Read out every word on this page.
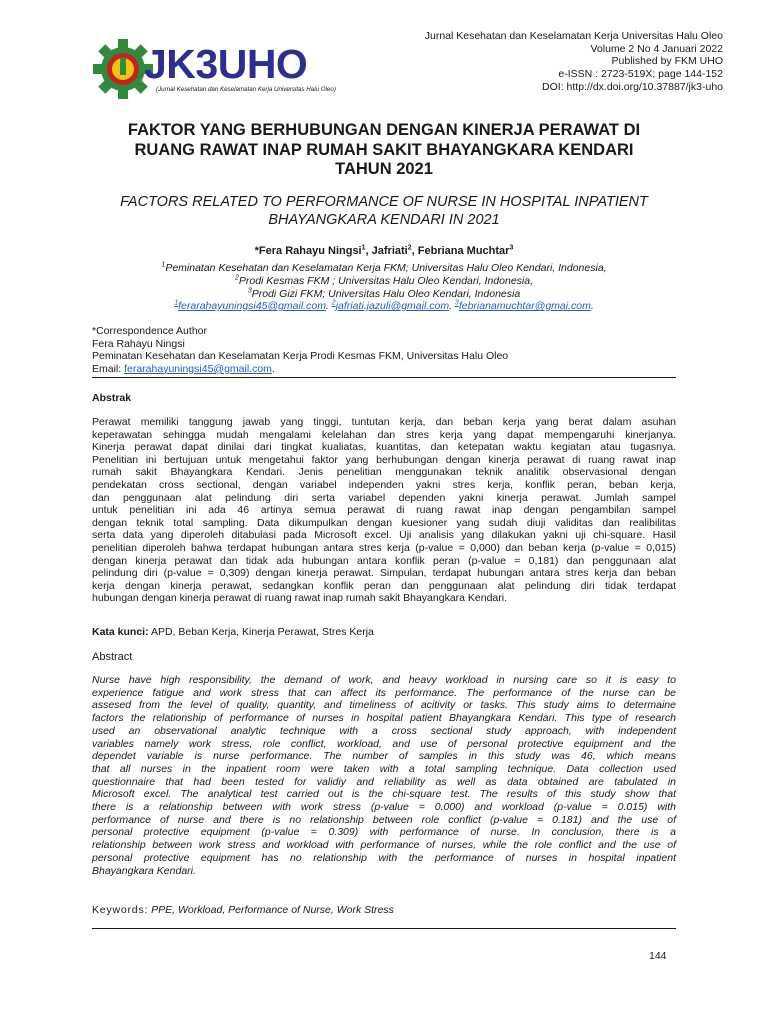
JK3UHO
(Jurnal Kesehatan dan Keselamatan Kerja Universitas Halu Oleo)
Jurnal Kesehatan dan Keselamatan Kerja Universitas Halu Oleo
Volume 2 No 4 Januari 2022
Published by FKM UHO
e-ISSN : 2723-519X; page 144-152
DOI: http://dx.doi.org/10.37887/jk3-uho
FAKTOR YANG BERHUBUNGAN DENGAN KINERJA PERAWAT DI
RUANG RAWAT INAP RUMAH SAKIT BHAYANGKARA KENDARI
TAHUN 2021
FACTORS RELATED TO PERFORMANCE OF NURSE IN HOSPITAL INPATIENT
BHAYANGKARA KENDARI IN 2021
*Fera Rahayu Ningsi$^1$, Jafriati$^2$, Febriana Muchtar$^3$
$^1$Peminatan Kesehatan dan Keselamatan Kerja FKM; Universitas Halu Oleo Kendari, Indonesia,
$^2$Prodi Kesmas FKM ; Universitas Halu Oleo Kendari, Indonesia,
$^3$Prodi Gizi FKM; Universitas Halu Oleo Kendari, Indonesia
$^1$ferarahayuningsi45@gmail.com. $^2$jafriati.jazuli@gmail.com. $^3$febrianamuchtar@gmai.com.
*Correspondence Author
Fera Rahayu Ningsi
Peminatan Kesehatan dan Keselamatan Kerja Prodi Kesmas FKM, Universitas Halu Oleo
Email: ferarahayuningsi45@gmail.com.
Abstrak
Perawat memiliki tanggung jawab yang tinggi, tuntutan kerja, dan beban kerja yang berat dalam asuhan
keperawatan sehingga mudah mengalami kelelahan dan stres kerja yang dapat mempengaruhi kinerjanya.
Kinerja perawat dapat dinilai dari tingkat kualiatas, kuantitas, dan ketepatan waktu kegiatan atau tugasnya.
Penelitian ini bertujuan untuk mengetahui faktor yang berhubungan dengan kinerja perawat di ruang rawat inap
rumah sakit Bhayangkara Kendari. Jenis penelitian menggunakan teknik analitik observasional dengan
pendekatan cross sectional, dengan variabel independen yakni stres kerja, konflik peran, beban kerja,
dan penggunaan alat pelindung diri serta variabel dependen yakni kinerja perawat. Jumlah sampel
untuk penelitian ini ada 46 artinya semua perawat di ruang rawat inap dengan pengambilan sampel
dengan teknik total sampling. Data dikumpulkan dengan kuesioner yang sudah diuji validitas dan realibilitas
serta data yang diperoleh ditabulasi pada Microsoft excel. Uji analisis yang dilakukan yakni uji chi-square. Hasil
penelitian diperoleh bahwa terdapat hubungan antara stres kerja (p-value = 0,000) dan beban kerja (p-value = 0,015)
dengan kinerja perawat dan tidak ada hubungan antara konflik peran (p-value = 0,181) dan penggunaan alat
pelindung diri (p-value = 0,309) dengan kinerja perawat. Simpulan, terdapat hubungan antara stres kerja dan beban
kerja dengan kinerja perawat, sedangkan konflik peran dan penggunaan alat pelindung diri tidak terdapat
hubungan dengan kinerja perawat di ruang rawat inap rumah sakit Bhayangkara Kendari.
Kata kunci: APD, Beban Kerja, Kinerja Perawat, Stres Kerja
Abstract
Nurse have high responsibility, the demand of work, and heavy workload in nursing care so it is easy to
experience fatigue and work stress that can affect its performance. The performance of the nurse can be
assesed from the level of quality, quantity, and timeliness of acitivity or tasks. This study aims to determaine
factors the relationship of performance of nurses in hospital patient Bhayangkara Kendari. This type of research
used an observational analytic technique with a cross sectional study approach, with independent
variables namely work stress, role conflict, workload, and use of personal protective equipment and the
dependet variable is nurse performance. The number of samples in this study was 46, which means
that all nurses in the inpatient room were taken with a total sampling technique. Data collection used
questionnaire that had been tested for validiy and reliability as well as data obtained are tabulated in
Microsoft excel. The analytical test carried out is the chi-square test. The results of this study show that
there is a relationship between with work stress (p-value = 0.000) and workload (p-value = 0.015) with
performance of nurse and there is no relationship between role conflict (p-value = 0.181) and the use of
personal protective equipment (p-value = 0.309) with performance of nurse. In conclusion, there is a
relationship between work stress and workload with performance of nurses, while the role conflict and the use of
personal protective equipment has no relationship with the performance of nurses in hospital inpatient
Bhayangkara Kendari.
Keywords: PPE, Workload, Performance of Nurse, Work Stress
144
